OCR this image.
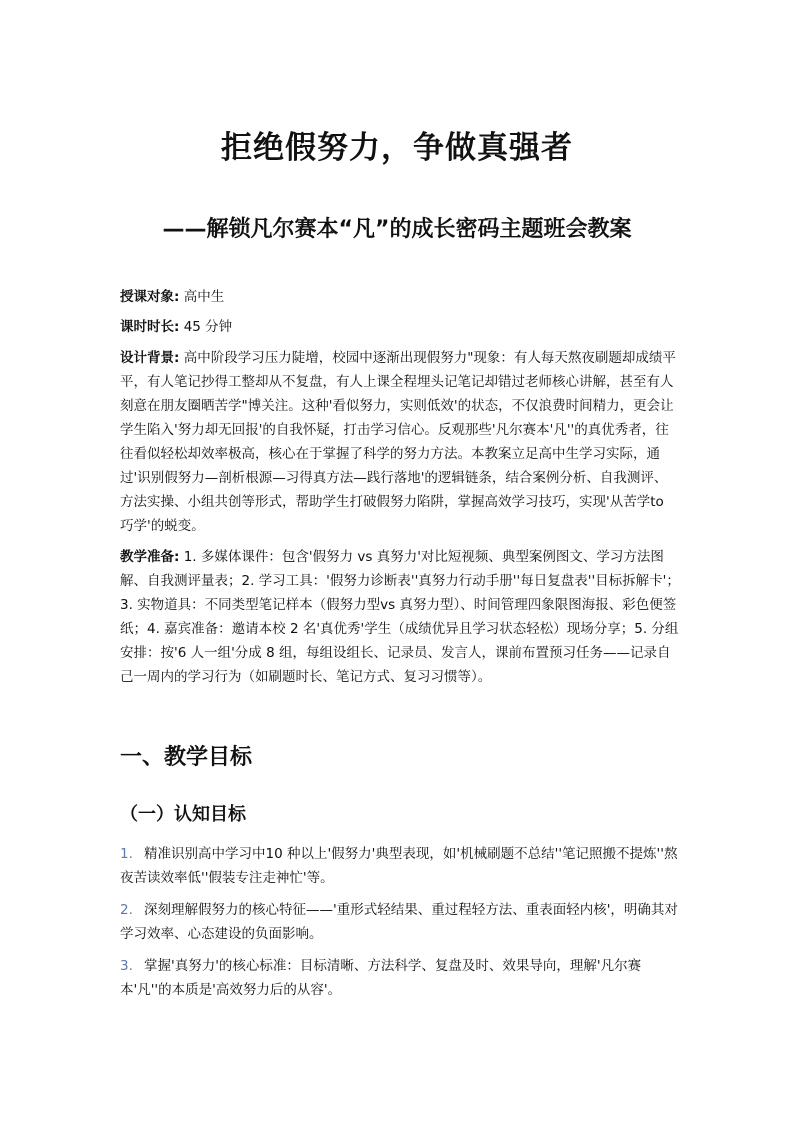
拒绝假努力，争做真强者
——解锁凡尔赛本“凡”的成长密码主题班会教案
授课对象: 高中生
课时时长: 45 分钟
设计背景: 高中阶段学习压力陡增，校园中逐渐出现假努力"现象：有人每天熬夜刷题却成绩平平，有人笔记抄得工整却从不复盘，有人上课全程埋头记笔记却错过老师核心讲解，甚至有人刻意在朋友圈晒苦学"博关注。这种'看似努力，实则低效'的状态，不仅浪费时间精力，更会让学生陷入'努力却无回报'的自我怀疑，打击学习信心。反观那些'凡尔赛本'凡''的真优秀者，往往看似轻松却效率极高，核心在于掌握了科学的努力方法。本教案立足高中生学习实际，通过'识别假努力—剖析根源—习得真方法—践行落地'的逻辑链条，结合案例分析、自我测评、方法实操、小组共创等形式，帮助学生打破假努力陷阱，掌握高效学习技巧，实现'从苦学to 巧学'的蜕变。
教学准备: 1. 多媒体课件：包含'假努力 vs 真努力'对比短视频、典型案例图文、学习方法图解、自我测评量表；2. 学习工具：'假努力诊断表''真努力行动手册''每日复盘表''目标拆解卡'；3. 实物道具：不同类型笔记样本（假努力型vs 真努力型）、时间管理四象限图海报、彩色便签纸；4. 嘉宾准备：邀请本校 2 名'真优秀'学生（成绩优异且学习状态轻松）现场分享；5. 分组安排：按'6 人一组'分成 8 组，每组设组长、记录员、发言人，课前布置预习任务——记录自己一周内的学习行为（如刷题时长、笔记方式、复习习惯等）。
一、教学目标
（一）认知目标
1. 精准识别高中学习中10 种以上'假努力'典型表现，如'机械刷题不总结''笔记照搬不提炼''熬夜苦读效率低''假装专注走神忙'等。
2. 深刻理解假努力的核心特征——'重形式轻结果、重过程轻方法、重表面轻内核'，明确其对学习效率、心态建设的负面影响。
3. 掌握'真努力'的核心标准：目标清晰、方法科学、复盘及时、效果导向，理解'凡尔赛本'凡''的本质是'高效努力后的从容'。
